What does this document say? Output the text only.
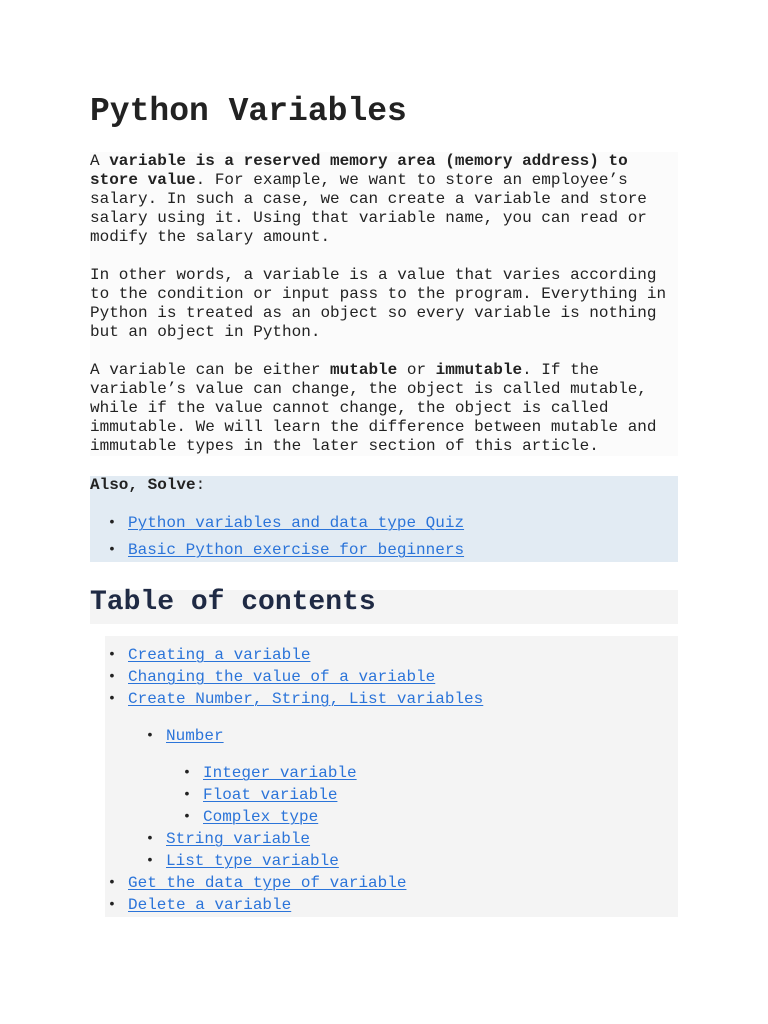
Python Variables

A variable is a reserved memory area (memory address) to
store value. For example, we want to store an employee’s
salary. In such a case, we can create a variable and store
salary using it. Using that variable name, you can read or
modify the salary amount.

In other words, a variable is a value that varies according
to the condition or input pass to the program. Everything in
Python is treated as an object so every variable is nothing
but an object in Python.

A variable can be either mutable or immutable. If the
variable’s value can change, the object is called mutable,
while if the value cannot change, the object is called
immutable. We will learn the difference between mutable and
immutable types in the later section of this article.

Also, Solve:
• Python variables and data type Quiz
• Basic Python exercise for beginners
Table of contents
• Creating a variable
• Changing the value of a variable
• Create Number, String, List variables
• Number
• Integer variable
• Float variable
• Complex type
• String variable
• List type variable
• Get the data type of variable
• Delete a variable
